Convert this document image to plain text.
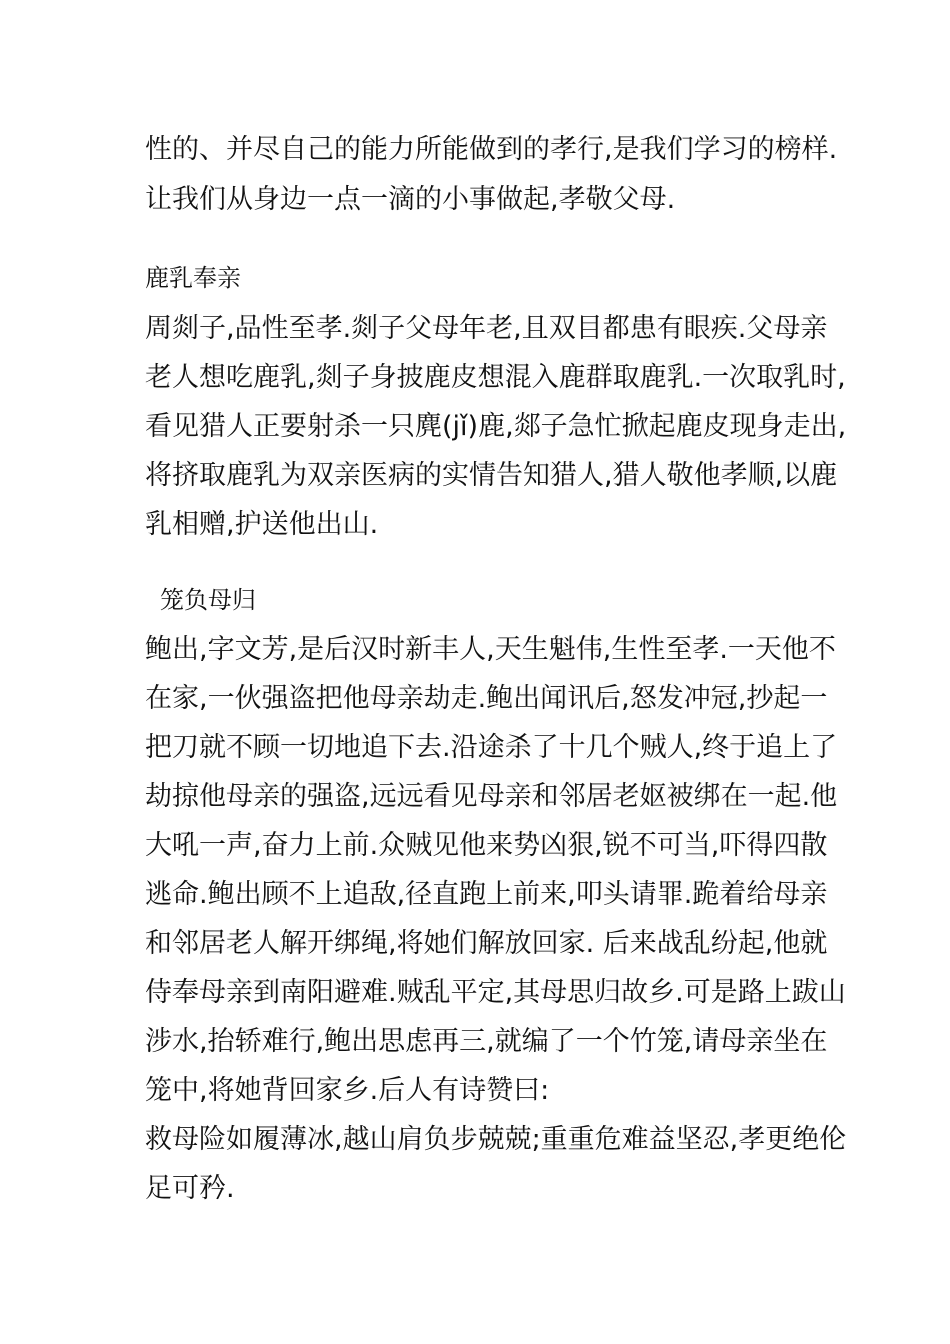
性的、并尽自己的能力所能做到的孝行,是我们学习的榜样.
让我们从身边一点一滴的小事做起,孝敬父母.
鹿乳奉亲
周剡子,品性至孝.剡子父母年老,且双目都患有眼疾.父母亲
老人想吃鹿乳,剡子身披鹿皮想混入鹿群取鹿乳.一次取乳时,
看见猎人正要射杀一只麂(jǐ)鹿,郯子急忙掀起鹿皮现身走出,
将挤取鹿乳为双亲医病的实情告知猎人,猎人敬他孝顺,以鹿
乳相赠,护送他出山.
笼负母归
鲍出,字文芳,是后汉时新丰人,天生魁伟,生性至孝.一天他不
在家,一伙强盗把他母亲劫走.鲍出闻讯后,怒发冲冠,抄起一
把刀就不顾一切地追下去.沿途杀了十几个贼人,终于追上了
劫掠他母亲的强盗,远远看见母亲和邻居老妪被绑在一起.他
大吼一声,奋力上前.众贼见他来势凶狠,锐不可当,吓得四散
逃命.鲍出顾不上追敌,径直跑上前来,叩头请罪.跪着给母亲
和邻居老人解开绑绳,将她们解放回家. 后来战乱纷起,他就
侍奉母亲到南阳避难.贼乱平定,其母思归故乡.可是路上跋山
涉水,抬轿难行,鲍出思虑再三,就编了一个竹笼,请母亲坐在
笼中,将她背回家乡.后人有诗赞曰:
救母险如履薄冰,越山肩负步兢兢;重重危难益坚忍,孝更绝伦
足可矜.
